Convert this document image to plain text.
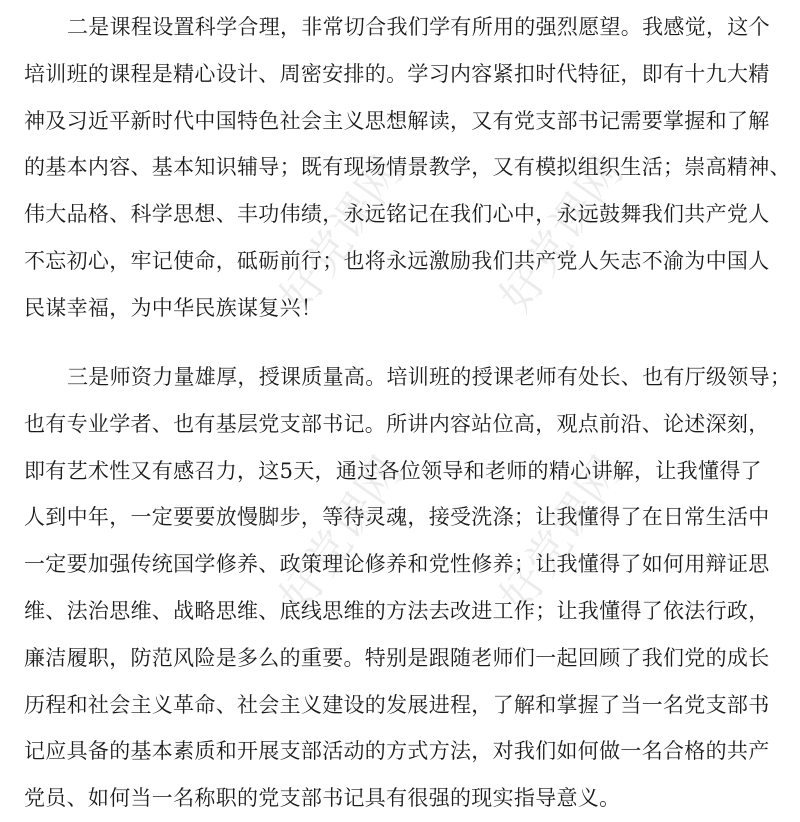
好党课网 好党课网
好党课网 好党课网
二是课程设置科学合理，非常切合我们学有所用的强烈愿望。我感觉，这个
培训班的课程是精心设计、周密安排的。学习内容紧扣时代特征，即有十九大精
神及习近平新时代中国特色社会主义思想解读，又有党支部书记需要掌握和了解
的基本内容、基本知识辅导；既有现场情景教学，又有模拟组织生活；崇高精神、
伟大品格、科学思想、丰功伟绩，永远铭记在我们心中，永远鼓舞我们共产党人
不忘初心，牢记使命，砥砺前行；也将永远激励我们共产党人矢志不渝为中国人
民谋幸福，为中华民族谋复兴！
三是师资力量雄厚，授课质量高。培训班的授课老师有处长、也有厅级领导；
也有专业学者、也有基层党支部书记。所讲内容站位高，观点前沿、论述深刻，
即有艺术性又有感召力，这5天，通过各位领导和老师的精心讲解，让我懂得了
人到中年，一定要要放慢脚步，等待灵魂，接受洗涤；让我懂得了在日常生活中
一定要加强传统国学修养、政策理论修养和党性修养；让我懂得了如何用辩证思
维、法治思维、战略思维、底线思维的方法去改进工作；让我懂得了依法行政，
廉洁履职，防范风险是多么的重要。特别是跟随老师们一起回顾了我们党的成长
历程和社会主义革命、社会主义建设的发展进程，了解和掌握了当一名党支部书
记应具备的基本素质和开展支部活动的方式方法，对我们如何做一名合格的共产
党员、如何当一名称职的党支部书记具有很强的现实指导意义。
